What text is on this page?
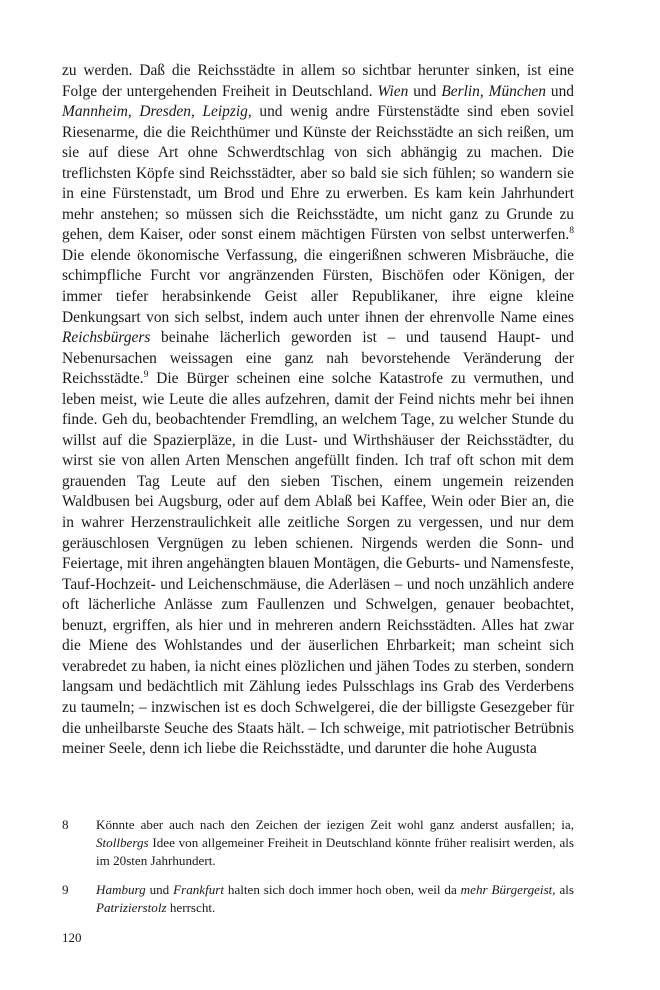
zu werden. Daß die Reichsstädte in allem so sichtbar herunter sinken, ist eine Folge der untergehenden Freiheit in Deutschland. Wien und Berlin, München und Mannheim, Dresden, Leipzig, und wenig andre Fürstenstädte sind eben soviel Riesenarme, die die Reichthümer und Künste der Reichsstädte an sich reißen, um sie auf diese Art ohne Schwerdtschlag von sich abhängig zu machen. Die treflichsten Köpfe sind Reichsstädter, aber so bald sie sich fühlen; so wandern sie in eine Fürstenstadt, um Brod und Ehre zu erwerben. Es kam kein Jahrhundert mehr anstehen; so müssen sich die Reichsstädte, um nicht ganz zu Grunde zu gehen, dem Kaiser, oder sonst einem mächtigen Fürsten von selbst unterwerfen.$^8$ Die elende ökonomische Verfassung, die eingerißnen schweren Misbräuche, die schimpfliche Furcht vor angränzenden Fürsten, Bischöfen oder Königen, der immer tiefer herabsinkende Geist aller Republikaner, ihre eigne kleine Denkungsart von sich selbst, indem auch unter ihnen der ehrenvolle Name eines Reichsbürgers beinahe lächerlich geworden ist – und tausend Haupt- und Nebenursachen weissagen eine ganz nah bevorstehende Veränderung der Reichsstädte.$^9$ Die Bürger scheinen eine solche Katastrofe zu vermuthen, und leben meist, wie Leute die alles aufzehren, damit der Feind nichts mehr bei ihnen finde. Geh du, beobachtender Fremdling, an welchem Tage, zu welcher Stunde du willst auf die Spazierpläze, in die Lust- und Wirthshäuser der Reichsstädter, du wirst sie von allen Arten Menschen angefüllt finden. Ich traf oft schon mit dem grauenden Tag Leute auf den sieben Tischen, einem ungemein reizenden Waldbusen bei Augsburg, oder auf dem Ablaß bei Kaffee, Wein oder Bier an, die in wahrer Herzenstraulichkeit alle zeitliche Sorgen zu vergessen, und nur dem geräuschlosen Vergnügen zu leben schienen. Nirgends werden die Sonn- und Feiertage, mit ihren angehängten blauen Montägen, die Geburts- und Namensfeste, Tauf-Hochzeit- und Leichenschmäuse, die Aderläsen – und noch unzählich andere oft lächerliche Anlässe zum Faullenzen und Schwelgen, genauer beobachtet, benuzt, ergriffen, als hier und in mehreren andern Reichsstädten. Alles hat zwar die Miene des Wohlstandes und der äuserlichen Ehrbarkeit; man scheint sich verabredet zu haben, ia nicht eines plözlichen und jähen Todes zu sterben, sondern langsam und bedächtlich mit Zählung iedes Pulsschlags ins Grab des Verderbens zu taumeln; – inzwischen ist es doch Schwelgerei, die der billigste Gesezgeber für die unheilbarste Seuche des Staats hält. – Ich schweige, mit patriotischer Betrübnis meiner Seele, denn ich liebe die Reichsstädte, und darunter die hohe Augusta

8 Könnte aber auch nach den Zeichen der iezigen Zeit wohl ganz anderst ausfallen; ia, Stollbergs Idee von allgemeiner Freiheit in Deutschland könnte früher realisirt werden, als im 20sten Jahrhundert.
9 Hamburg und Frankfurt halten sich doch immer hoch oben, weil da mehr Bürgergeist, als Patrizierstolz herrscht.
120
